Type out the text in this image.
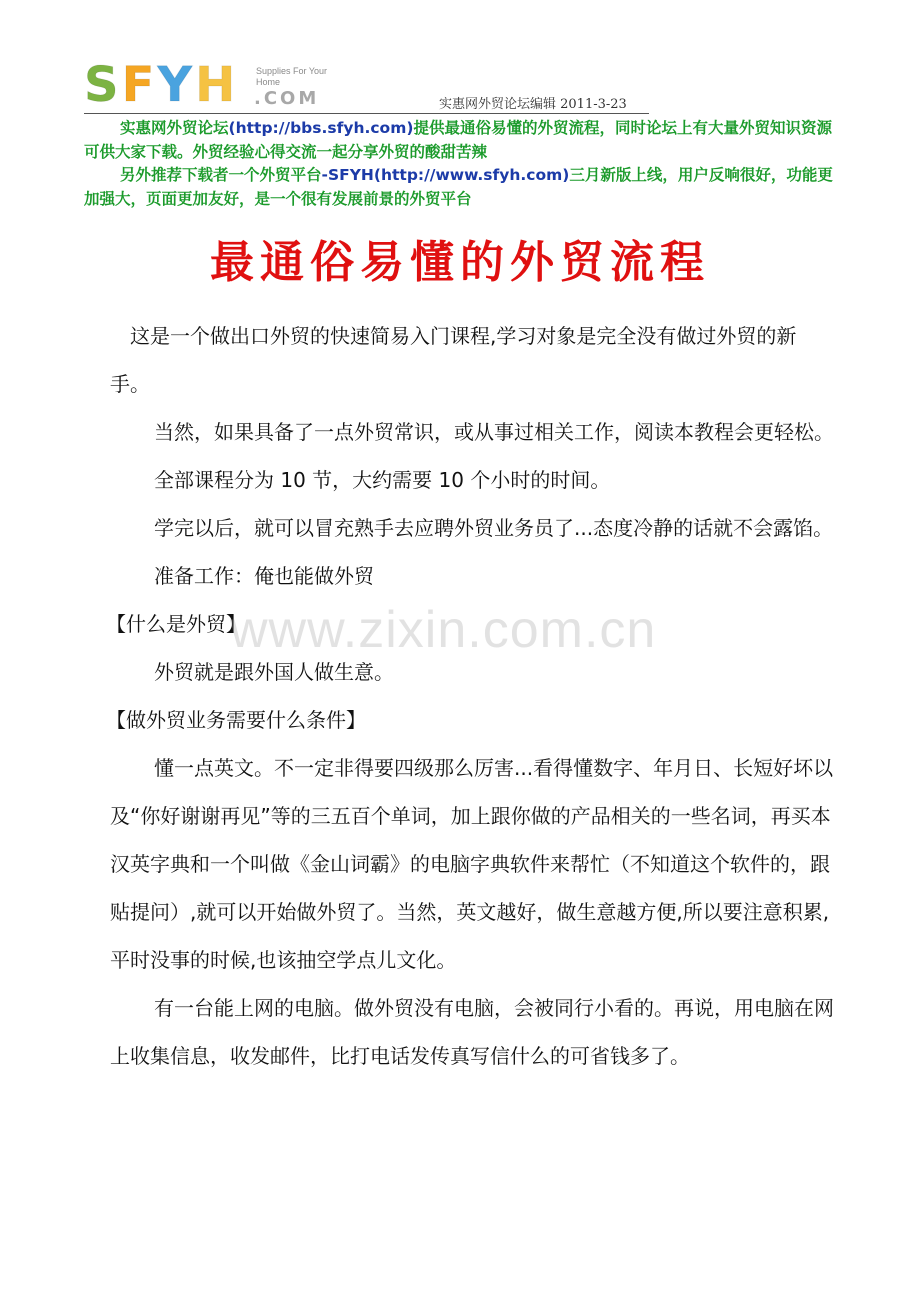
S F Y H Supplies For Your
Home
.COM	实惠网外贸论坛编辑 2011-3-23
实惠网外贸论坛(http://bbs.sfyh.com)提供最通俗易懂的外贸流程，同时论坛上有大量外贸知识资源可供大家下载。外贸经验心得交流一起分享外贸的酸甜苦辣
另外推荐下载者一个外贸平台-SFYH(http://www.sfyh.com)三月新版上线，用户反响很好，功能更加强大，页面更加友好，是一个很有发展前景的外贸平台
最通俗易懂的外贸流程

这是一个做出口外贸的快速简易入门课程,学习对象是完全没有做过外贸的新手。

当然，如果具备了一点外贸常识，或从事过相关工作，阅读本教程会更轻松。

全部课程分为 10 节，大约需要 10 个小时的时间。

学完以后，就可以冒充熟手去应聘外贸业务员了...态度冷静的话就不会露馅。

准备工作：俺也能做外贸

【什么是外贸】

外贸就是跟外国人做生意。

【做外贸业务需要什么条件】

懂一点英文。不一定非得要四级那么厉害...看得懂数字、年月日、长短好坏以及“你好谢谢再见”等的三五百个单词，加上跟你做的产品相关的一些名词，再买本汉英字典和一个叫做《金山词霸》的电脑字典软件来帮忙（不知道这个软件的，跟贴提问）,就可以开始做外贸了。当然，英文越好，做生意越方便,所以要注意积累,平时没事的时候,也该抽空学点儿文化。

有一台能上网的电脑。做外贸没有电脑，会被同行小看的。再说，用电脑在网上收集信息，收发邮件，比打电话发传真写信什么的可省钱多了。

www.zixin.com.cn
